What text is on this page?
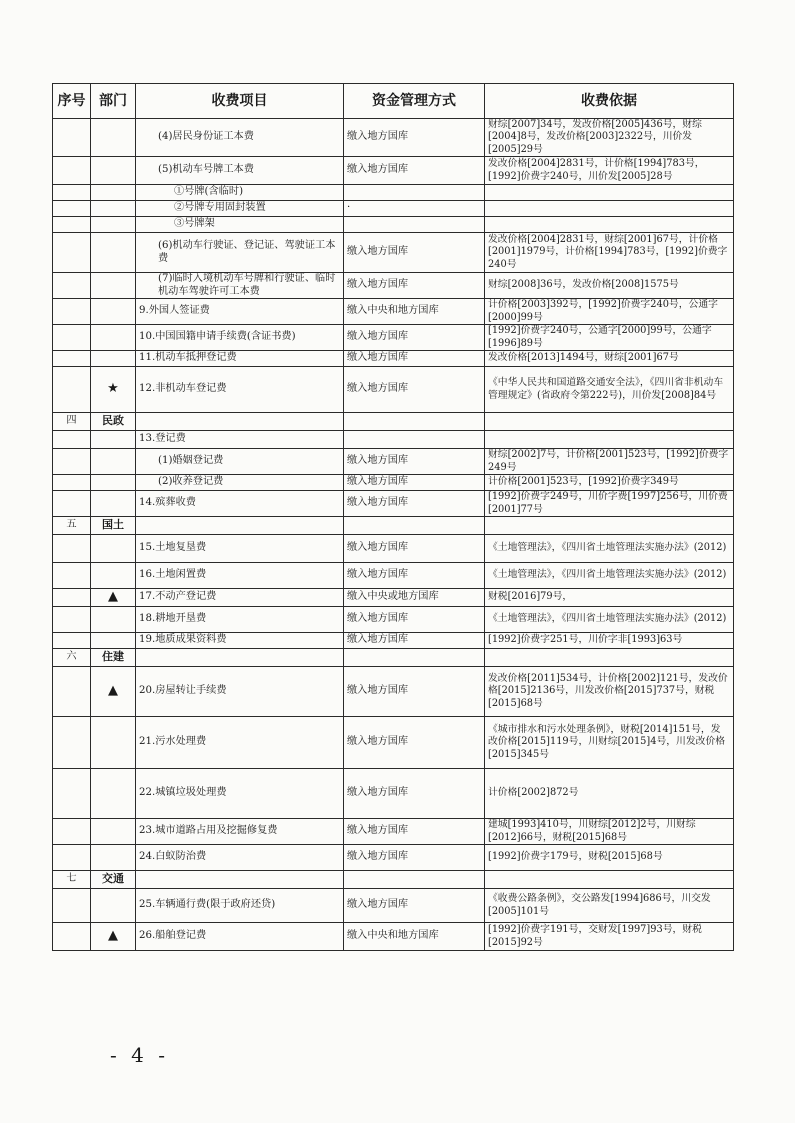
序号	部门	收费项目	资金管理方式	收费依据
		(4)居民身份证工本费	缴入地方国库	财综[2007]34号，发改价格[2005]436号，财综[2004]8号，发改价格[2003]2322号，川价发[2005]29号
		(5)机动车号牌工本费	缴入地方国库	发改价格[2004]2831号，计价格[1994]783号，[1992]价费字240号，川价发[2005]28号
		①号牌(含临时)		
		②号牌专用固封装置	·	
		③号牌架		
		(6)机动车行驶证、登记证、驾驶证工本费	缴入地方国库	发改价格[2004]2831号，财综[2001]67号，计价格[2001]1979号，计价格[1994]783号，[1992]价费字240号
		(7)临时入境机动车号牌和行驶证、临时机动车驾驶许可工本费	缴入地方国库	财综[2008]36号，发改价格[2008]1575号
		9.外国人签证费	缴入中央和地方国库	计价格[2003]392号，[1992]价费字240号，公通字[2000]99号
		10.中国国籍申请手续费(含证书费)	缴入地方国库	[1992]价费字240号，公通字[2000]99号，公通字[1996]89号
		11.机动车抵押登记费	缴入地方国库	发改价格[2013]1494号，财综[2001]67号
	★	12.非机动车登记费	缴入地方国库	《中华人民共和国道路交通安全法》，《四川省非机动车管理规定》(省政府令第222号)，川价发[2008]84号
四	民政			
		13.登记费		
		(1)婚姻登记费	缴入地方国库	财综[2002]7号，计价格[2001]523号，[1992]价费字249号
		(2)收养登记费	缴入地方国库	计价格[2001]523号，[1992]价费字349号
		14.殡葬收费	缴入地方国库	[1992]价费字249号，川价字费[1997]256号，川价费[2001]77号
五	国土			
		15.土地复垦费	缴入地方国库	《土地管理法》，《四川省土地管理法实施办法》(2012)
		16.土地闲置费	缴入地方国库	《土地管理法》，《四川省土地管理法实施办法》(2012)
	▲	17.不动产登记费	缴入中央或地方国库	财税[2016]79号，
		18.耕地开垦费	缴入地方国库	《土地管理法》，《四川省土地管理法实施办法》(2012)
		19.地质成果资料费	缴入地方国库	[1992]价费字251号，川价字非[1993]63号
六	住建			
	▲	20.房屋转让手续费	缴入地方国库	发改价格[2011]534号，计价格[2002]121号，发改价格[2015]2136号，川发改价格[2015]737号，财税[2015]68号
		21.污水处理费	缴入地方国库	《城市排水和污水处理条例》，财税[2014]151号，发改价格[2015]119号，川财综[2015]4号，川发改价格[2015]345号
		22.城镇垃圾处理费	缴入地方国库	计价格[2002]872号
		23.城市道路占用及挖掘修复费	缴入地方国库	建城[1993]410号，川财综[2012]2号，川财综[2012]66号，财税[2015]68号
		24.白蚁防治费	缴入地方国库	[1992]价费字179号，财税[2015]68号
七	交通			
		25.车辆通行费(限于政府还贷)	缴入地方国库	《收费公路条例》，交公路发[1994]686号，川交发[2005]101号
	▲	26.船舶登记费	缴入中央和地方国库	[1992]价费字191号，交财发[1997]93号，财税[2015]92号
- 4 -
